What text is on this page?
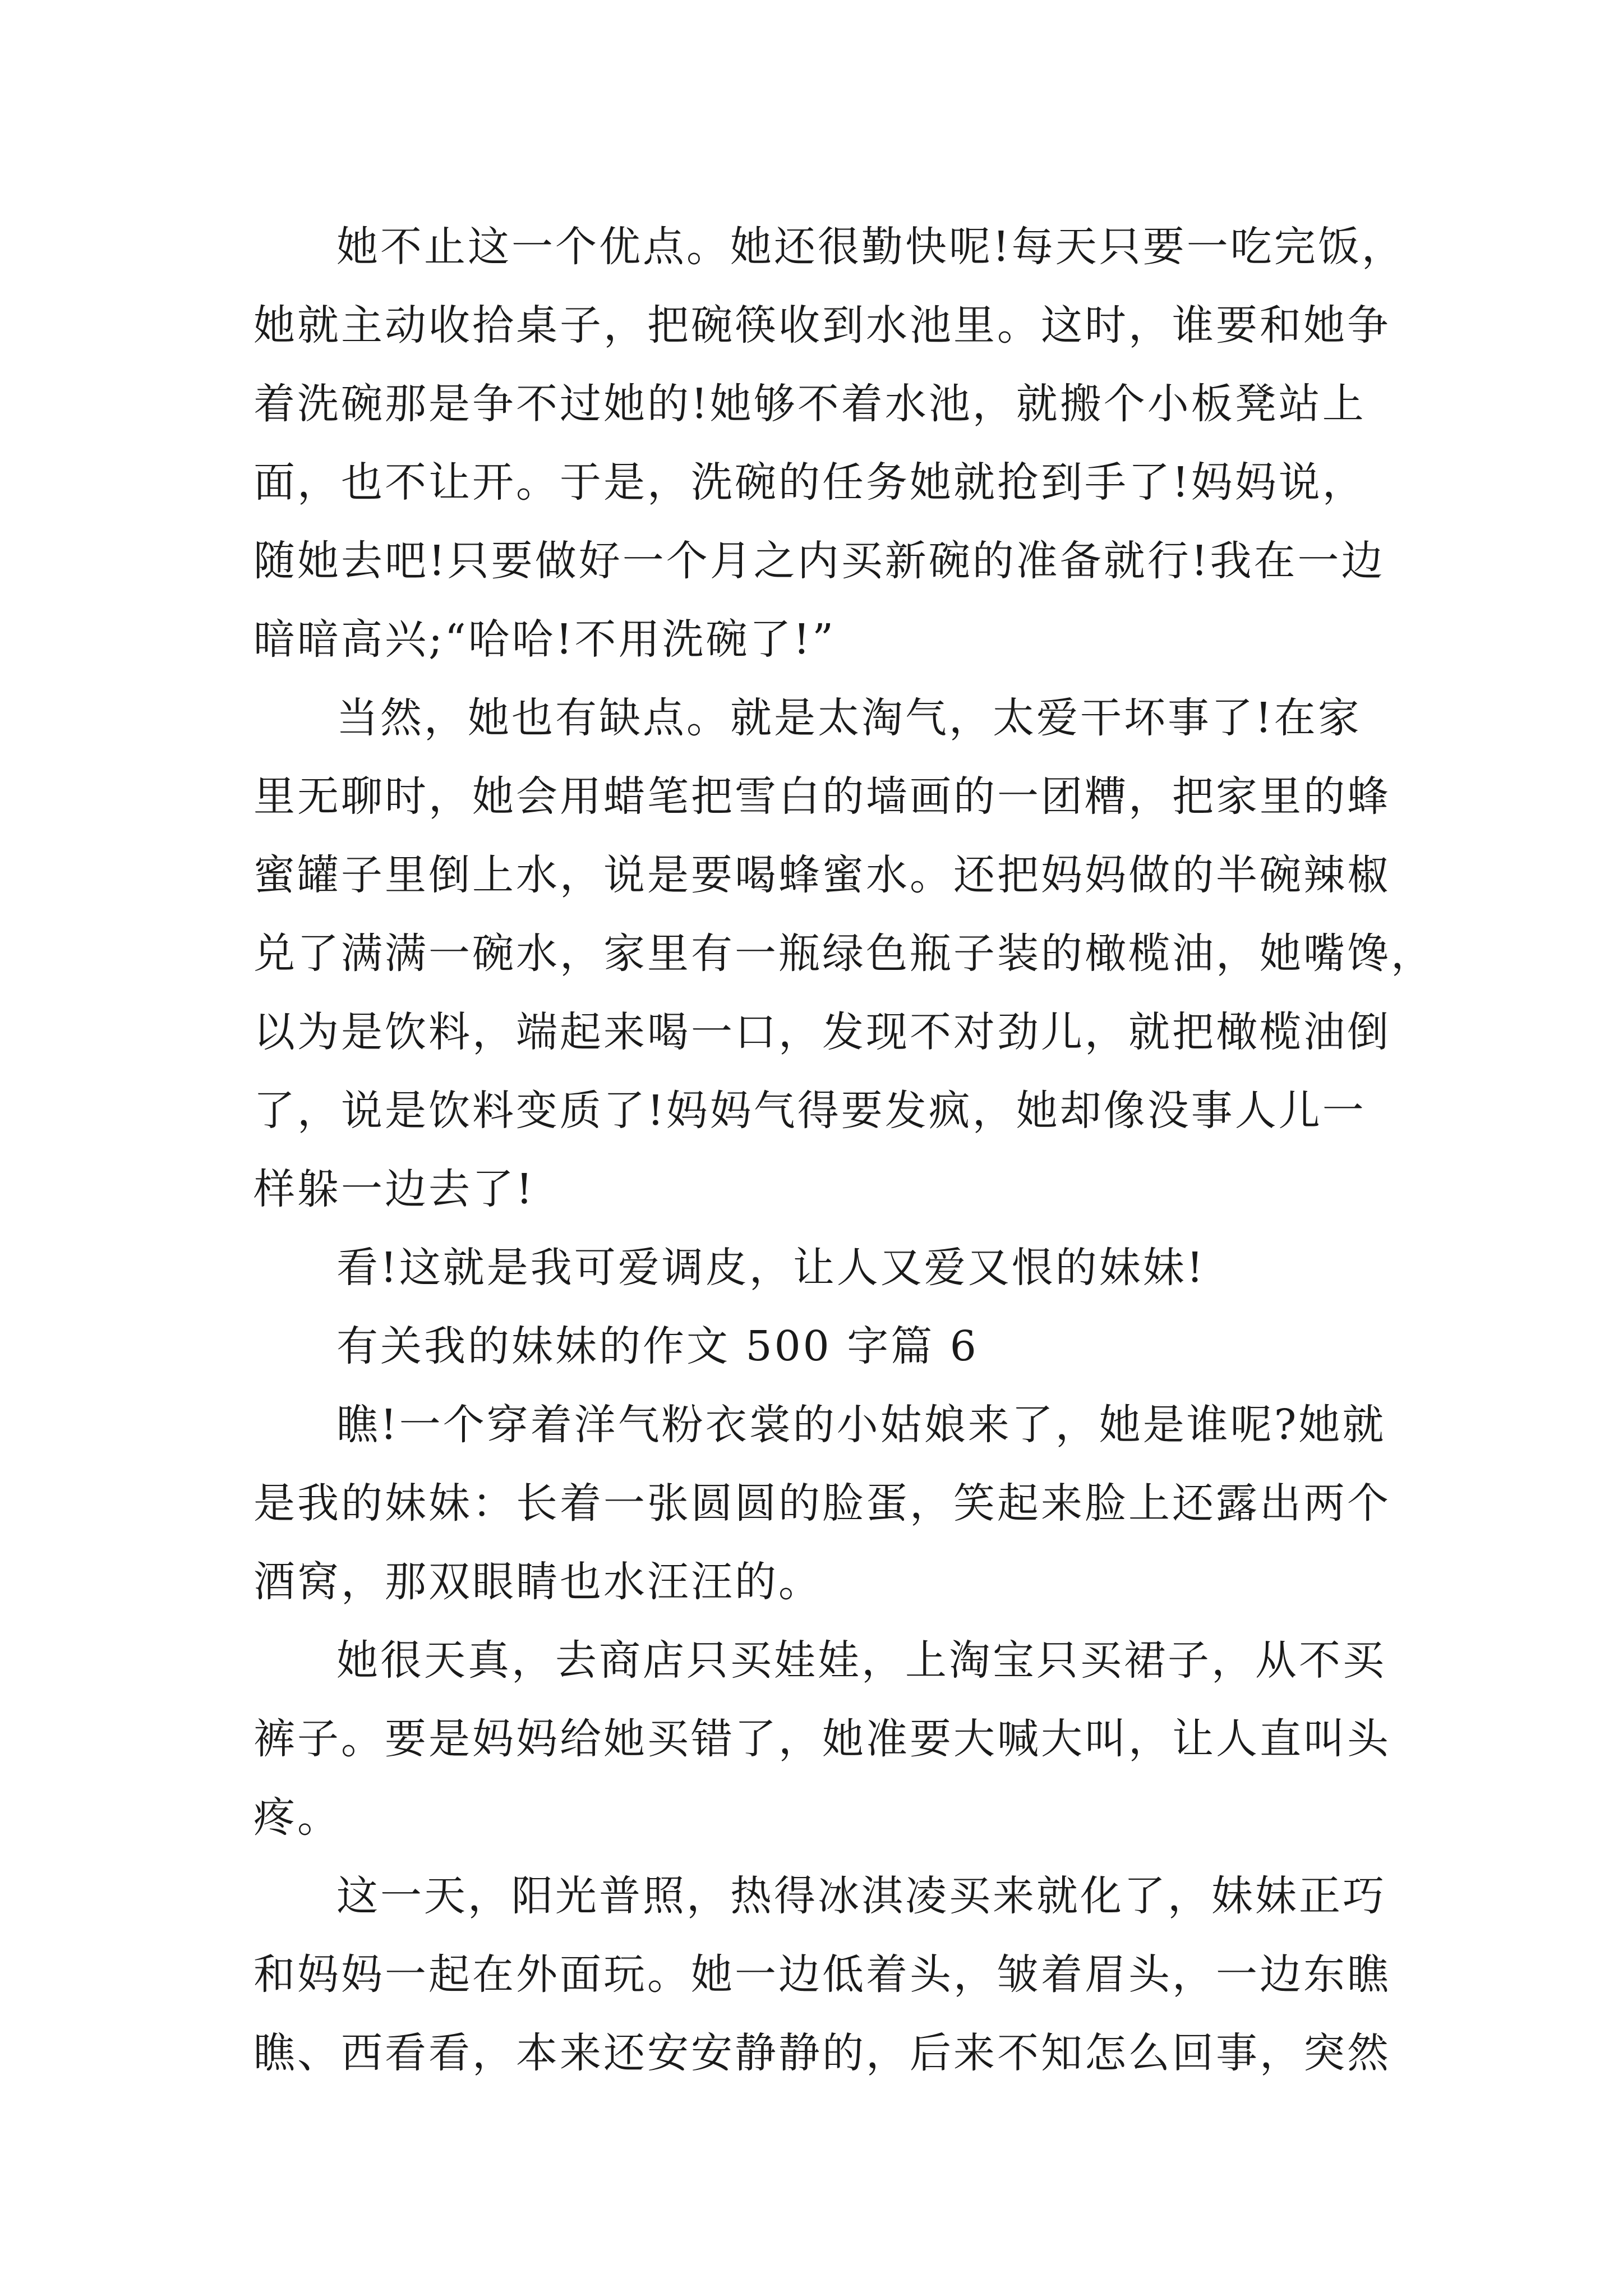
她不止这一个优点。她还很勤快呢!每天只要一吃完饭，
她就主动收拾桌子，把碗筷收到水池里。这时，谁要和她争
着洗碗那是争不过她的!她够不着水池，就搬个小板凳站上
面，也不让开。于是，洗碗的任务她就抢到手了!妈妈说，
随她去吧!只要做好一个月之内买新碗的准备就行!我在一边
暗暗高兴;“哈哈!不用洗碗了!”
当然，她也有缺点。就是太淘气，太爱干坏事了!在家
里无聊时，她会用蜡笔把雪白的墙画的一团糟，把家里的蜂
蜜罐子里倒上水，说是要喝蜂蜜水。还把妈妈做的半碗辣椒
兑了满满一碗水，家里有一瓶绿色瓶子装的橄榄油，她嘴馋，
以为是饮料，端起来喝一口，发现不对劲儿，就把橄榄油倒
了，说是饮料变质了!妈妈气得要发疯，她却像没事人儿一
样躲一边去了!
看!这就是我可爱调皮，让人又爱又恨的妹妹!
有关我的妹妹的作文 500 字篇 6
瞧!一个穿着洋气粉衣裳的小姑娘来了，她是谁呢?她就
是我的妹妹：长着一张圆圆的脸蛋，笑起来脸上还露出两个
酒窝，那双眼睛也水汪汪的。
她很天真，去商店只买娃娃，上淘宝只买裙子，从不买
裤子。要是妈妈给她买错了，她准要大喊大叫，让人直叫头
疼。
这一天，阳光普照，热得冰淇凌买来就化了，妹妹正巧
和妈妈一起在外面玩。她一边低着头，皱着眉头，一边东瞧
瞧、西看看，本来还安安静静的，后来不知怎么回事，突然
